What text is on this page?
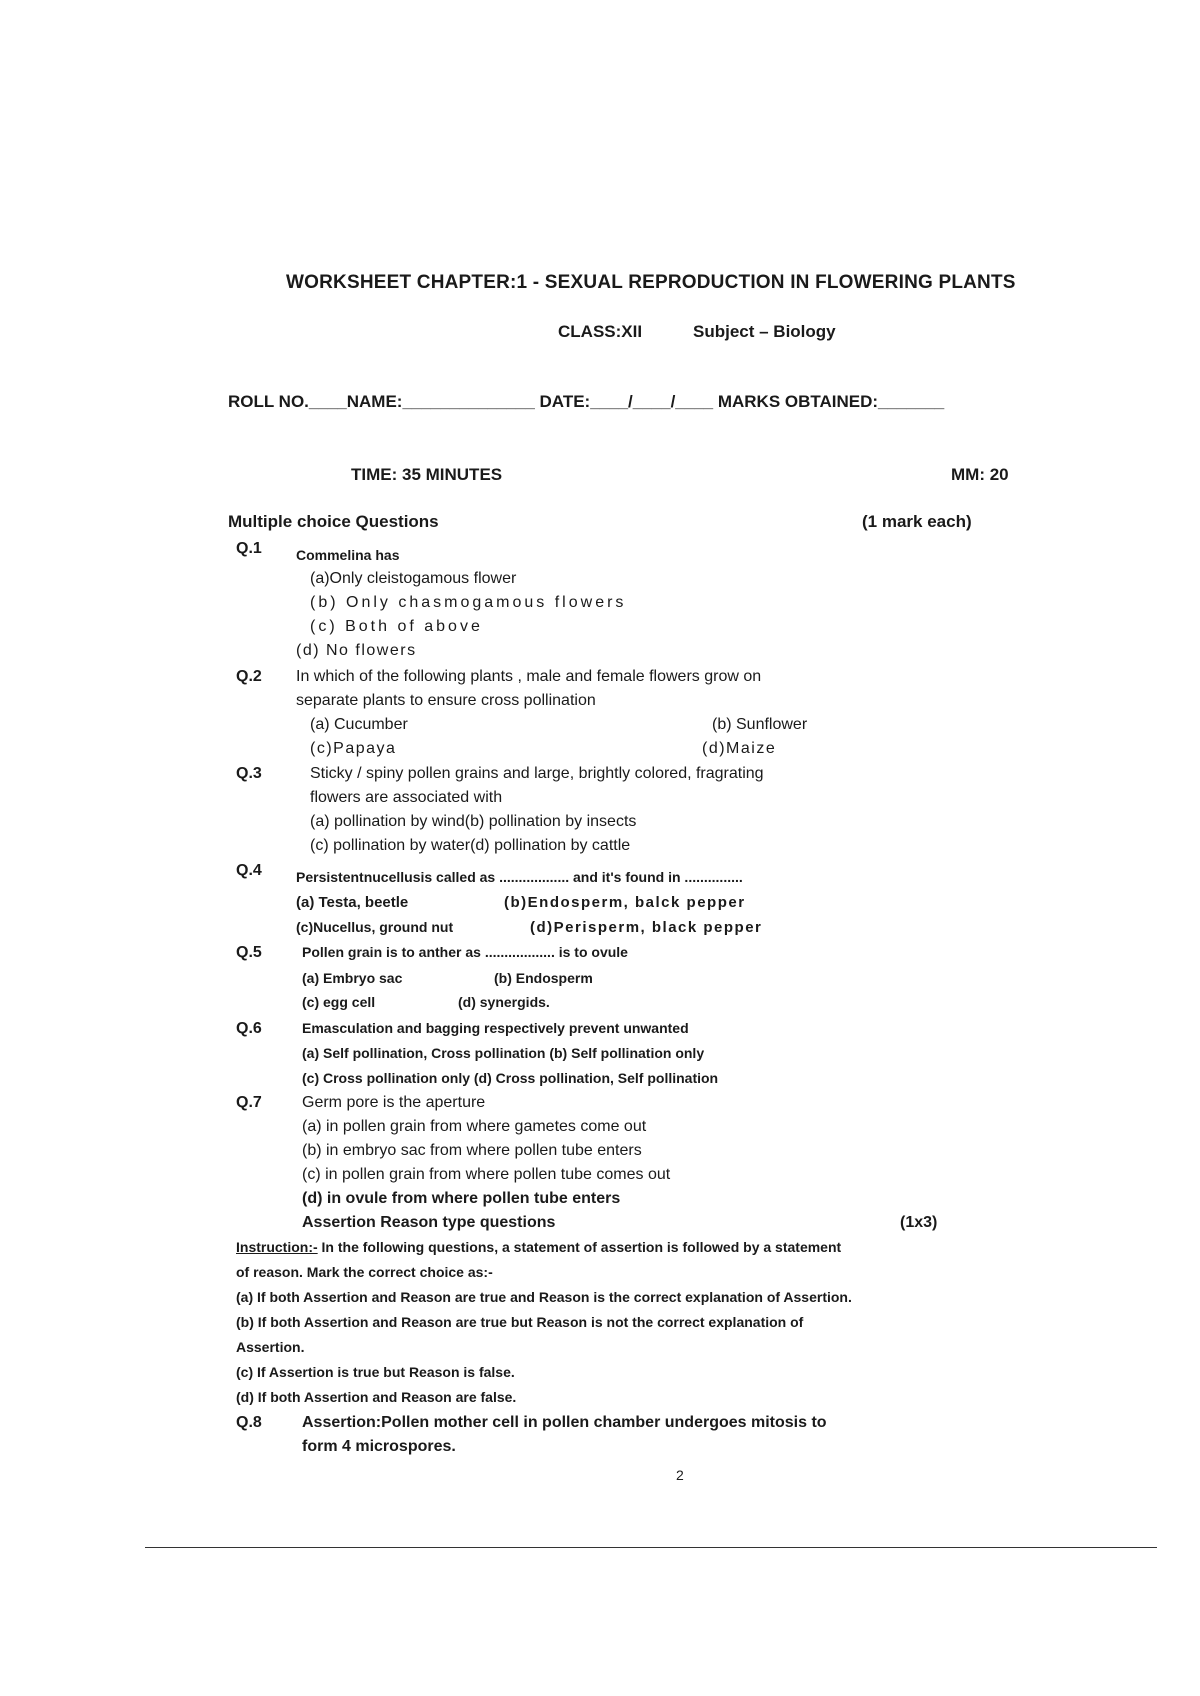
WORKSHEET CHAPTER:1 - SEXUAL REPRODUCTION IN FLOWERING PLANTS
CLASS:XII	Subject – Biology
ROLL NO.____NAME:______________ DATE:____/____/____ MARKS OBTAINED:_______
TIME: 35 MINUTES	MM: 20
Multiple choice Questions	(1 mark each)
Q.1 Commelina has
(a)Only cleistogamous flower
(b) Only chasmogamous flowers
(c) Both of above
(d) No flowers
Q.2 In which of the following plants , male and female flowers grow on
separate plants to ensure cross pollination
(a) Cucumber	(b) Sunflower
(c)Papaya	(d)Maize
Q.3	Sticky / spiny pollen grains and large, brightly colored, fragrating
flowers are associated with
(a) pollination by wind(b) pollination by insects
(c) pollination by water(d) pollination by cattle
Q.4 Persistentnucellusis called as .................. and it's found in ...............
(a) Testa, beetle	(b)Endosperm, balck pepper
(c)Nucellus, ground nut	(d)Perisperm, black pepper
Q.5	Pollen grain is to anther as .................. is to ovule
(a) Embryo sac	(b) Endosperm
(c) egg cell	(d) synergids.
Q.6	Emasculation and bagging respectively prevent unwanted
(a) Self pollination, Cross pollination (b) Self pollination only
(c) Cross pollination only (d) Cross pollination, Self pollination
Q.7	Germ pore is the aperture
(a) in pollen grain from where gametes come out
(b) in embryo sac from where pollen tube enters
(c) in pollen grain from where pollen tube comes out
(d) in ovule from where pollen tube enters
Assertion Reason type questions	(1x3)
Instruction:- In the following questions, a statement of assertion is followed by a statement
of reason. Mark the correct choice as:-
(a) If both Assertion and Reason are true and Reason is the correct explanation of Assertion.
(b) If both Assertion and Reason are true but Reason is not the correct explanation of
Assertion.
(c) If Assertion is true but Reason is false.
(d) If both Assertion and Reason are false.
Q.8	Assertion:Pollen mother cell in pollen chamber undergoes mitosis to
form 4 microspores.
2
